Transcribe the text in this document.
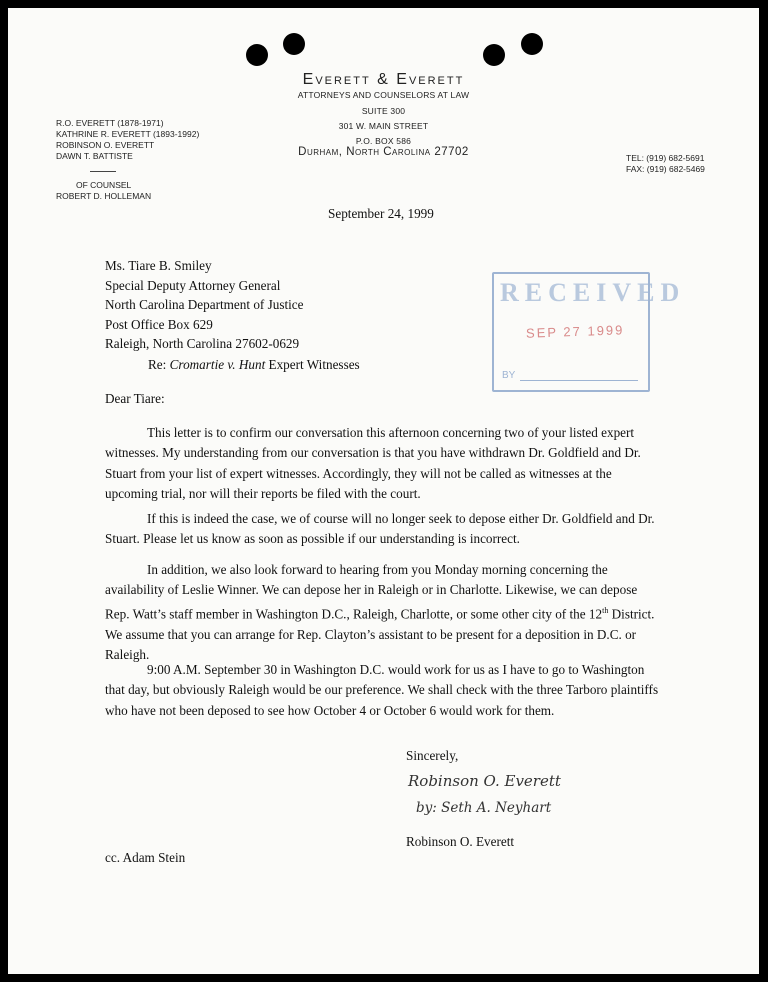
Everett & Everett
ATTORNEYS AND COUNSELORS AT LAW
SUITE 300
301 W. MAIN STREET
P.O. BOX 586
Durham, North Carolina 27702
R.O. EVERETT (1878-1971)
KATHRINE R. EVERETT (1893-1992)
ROBINSON O. EVERETT
DAWN T. BATTISTE
OF COUNSEL
ROBERT D. HOLLEMAN
TEL: (919) 682-5691
FAX: (919) 682-5469
September 24, 1999
Ms. Tiare B. Smiley
Special Deputy Attorney General
North Carolina Department of Justice
Post Office Box 629
Raleigh, North Carolina 27602-0629
RECEIVED
SEP 27 1999
BY
Re: Cromartie v. Hunt Expert Witnesses
Dear Tiare:
This letter is to confirm our conversation this afternoon concerning two of your listed expert witnesses. My understanding from our conversation is that you have withdrawn Dr. Goldfield and Dr. Stuart from your list of expert witnesses. Accordingly, they will not be called as witnesses at the upcoming trial, nor will their reports be filed with the court.
If this is indeed the case, we of course will no longer seek to depose either Dr. Goldfield and Dr. Stuart. Please let us know as soon as possible if our understanding is incorrect.
In addition, we also look forward to hearing from you Monday morning concerning the availability of Leslie Winner. We can depose her in Raleigh or in Charlotte. Likewise, we can depose Rep. Watt’s staff member in Washington D.C., Raleigh, Charlotte, or some other city of the 12th District. We assume that you can arrange for Rep. Clayton’s assistant to be present for a deposition in D.C. or Raleigh.
9:00 A.M. September 30 in Washington D.C. would work for us as I have to go to Washington that day, but obviously Raleigh would be our preference. We shall check with the three Tarboro plaintiffs who have not been deposed to see how October 4 or October 6 would work for them.
Sincerely,
Robinson O. Everett
by: Seth A. Neyhart
Robinson O. Everett
cc. Adam Stein
